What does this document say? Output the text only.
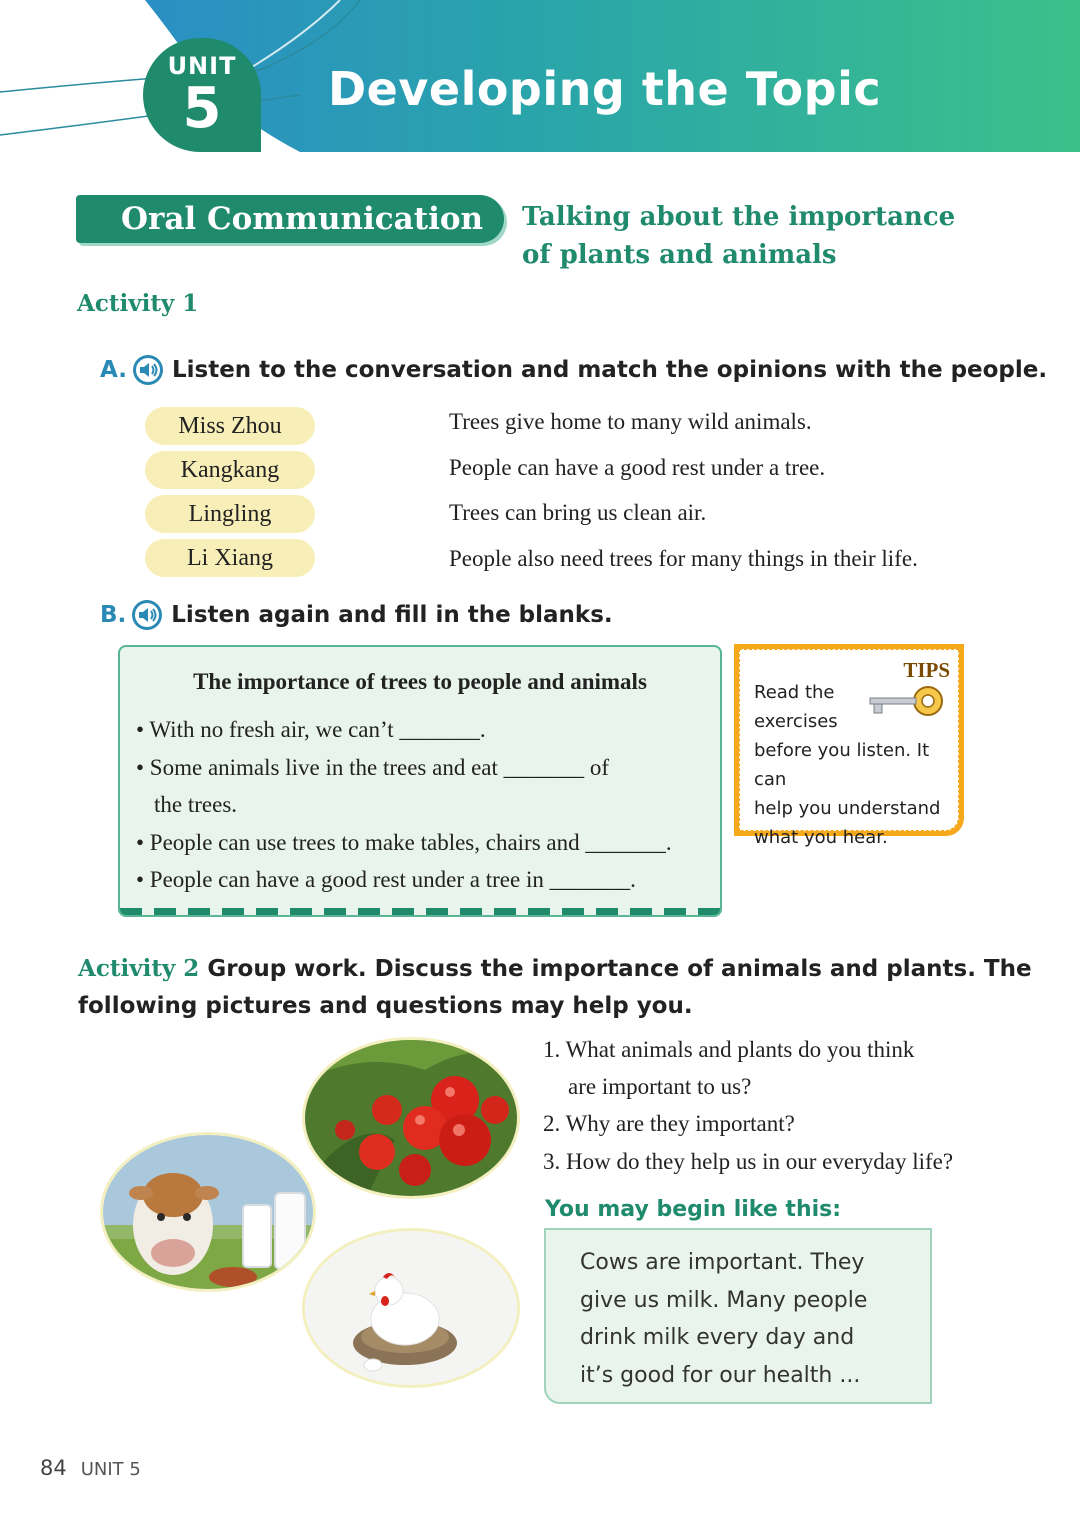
UNIT
5	Developing the Topic
Oral Communication	Talking about the importance
of plants and animals
Activity 1
A. Listen to the conversation and match the opinions with the people.
Miss Zhou
Kangkang
Lingling
Li Xiang
Trees give home to many wild animals.
People can have a good rest under a tree.
Trees can bring us clean air.
People also need trees for many things in their life.
B. Listen again and fill in the blanks.
The importance of trees to people and animals
• With no fresh air, we can’t _______.
• Some animals live in the trees and eat _______ of
the trees.
• People can use trees to make tables, chairs and _______.
• People can have a good rest under a tree in _______.
TIPS
Read the
exercises
before you listen. It can
help you understand
what you hear.
Activity 2 Group work. Discuss the importance of animals and plants. The following pictures and questions may help you.
1. What animals and plants do you think
are important to us?
2. Why are they important?
3. How do they help us in our everyday life?
You may begin like this:
Cows are important. They
give us milk. Many people
drink milk every day and
it’s good for our health ...
84 UNIT 5
